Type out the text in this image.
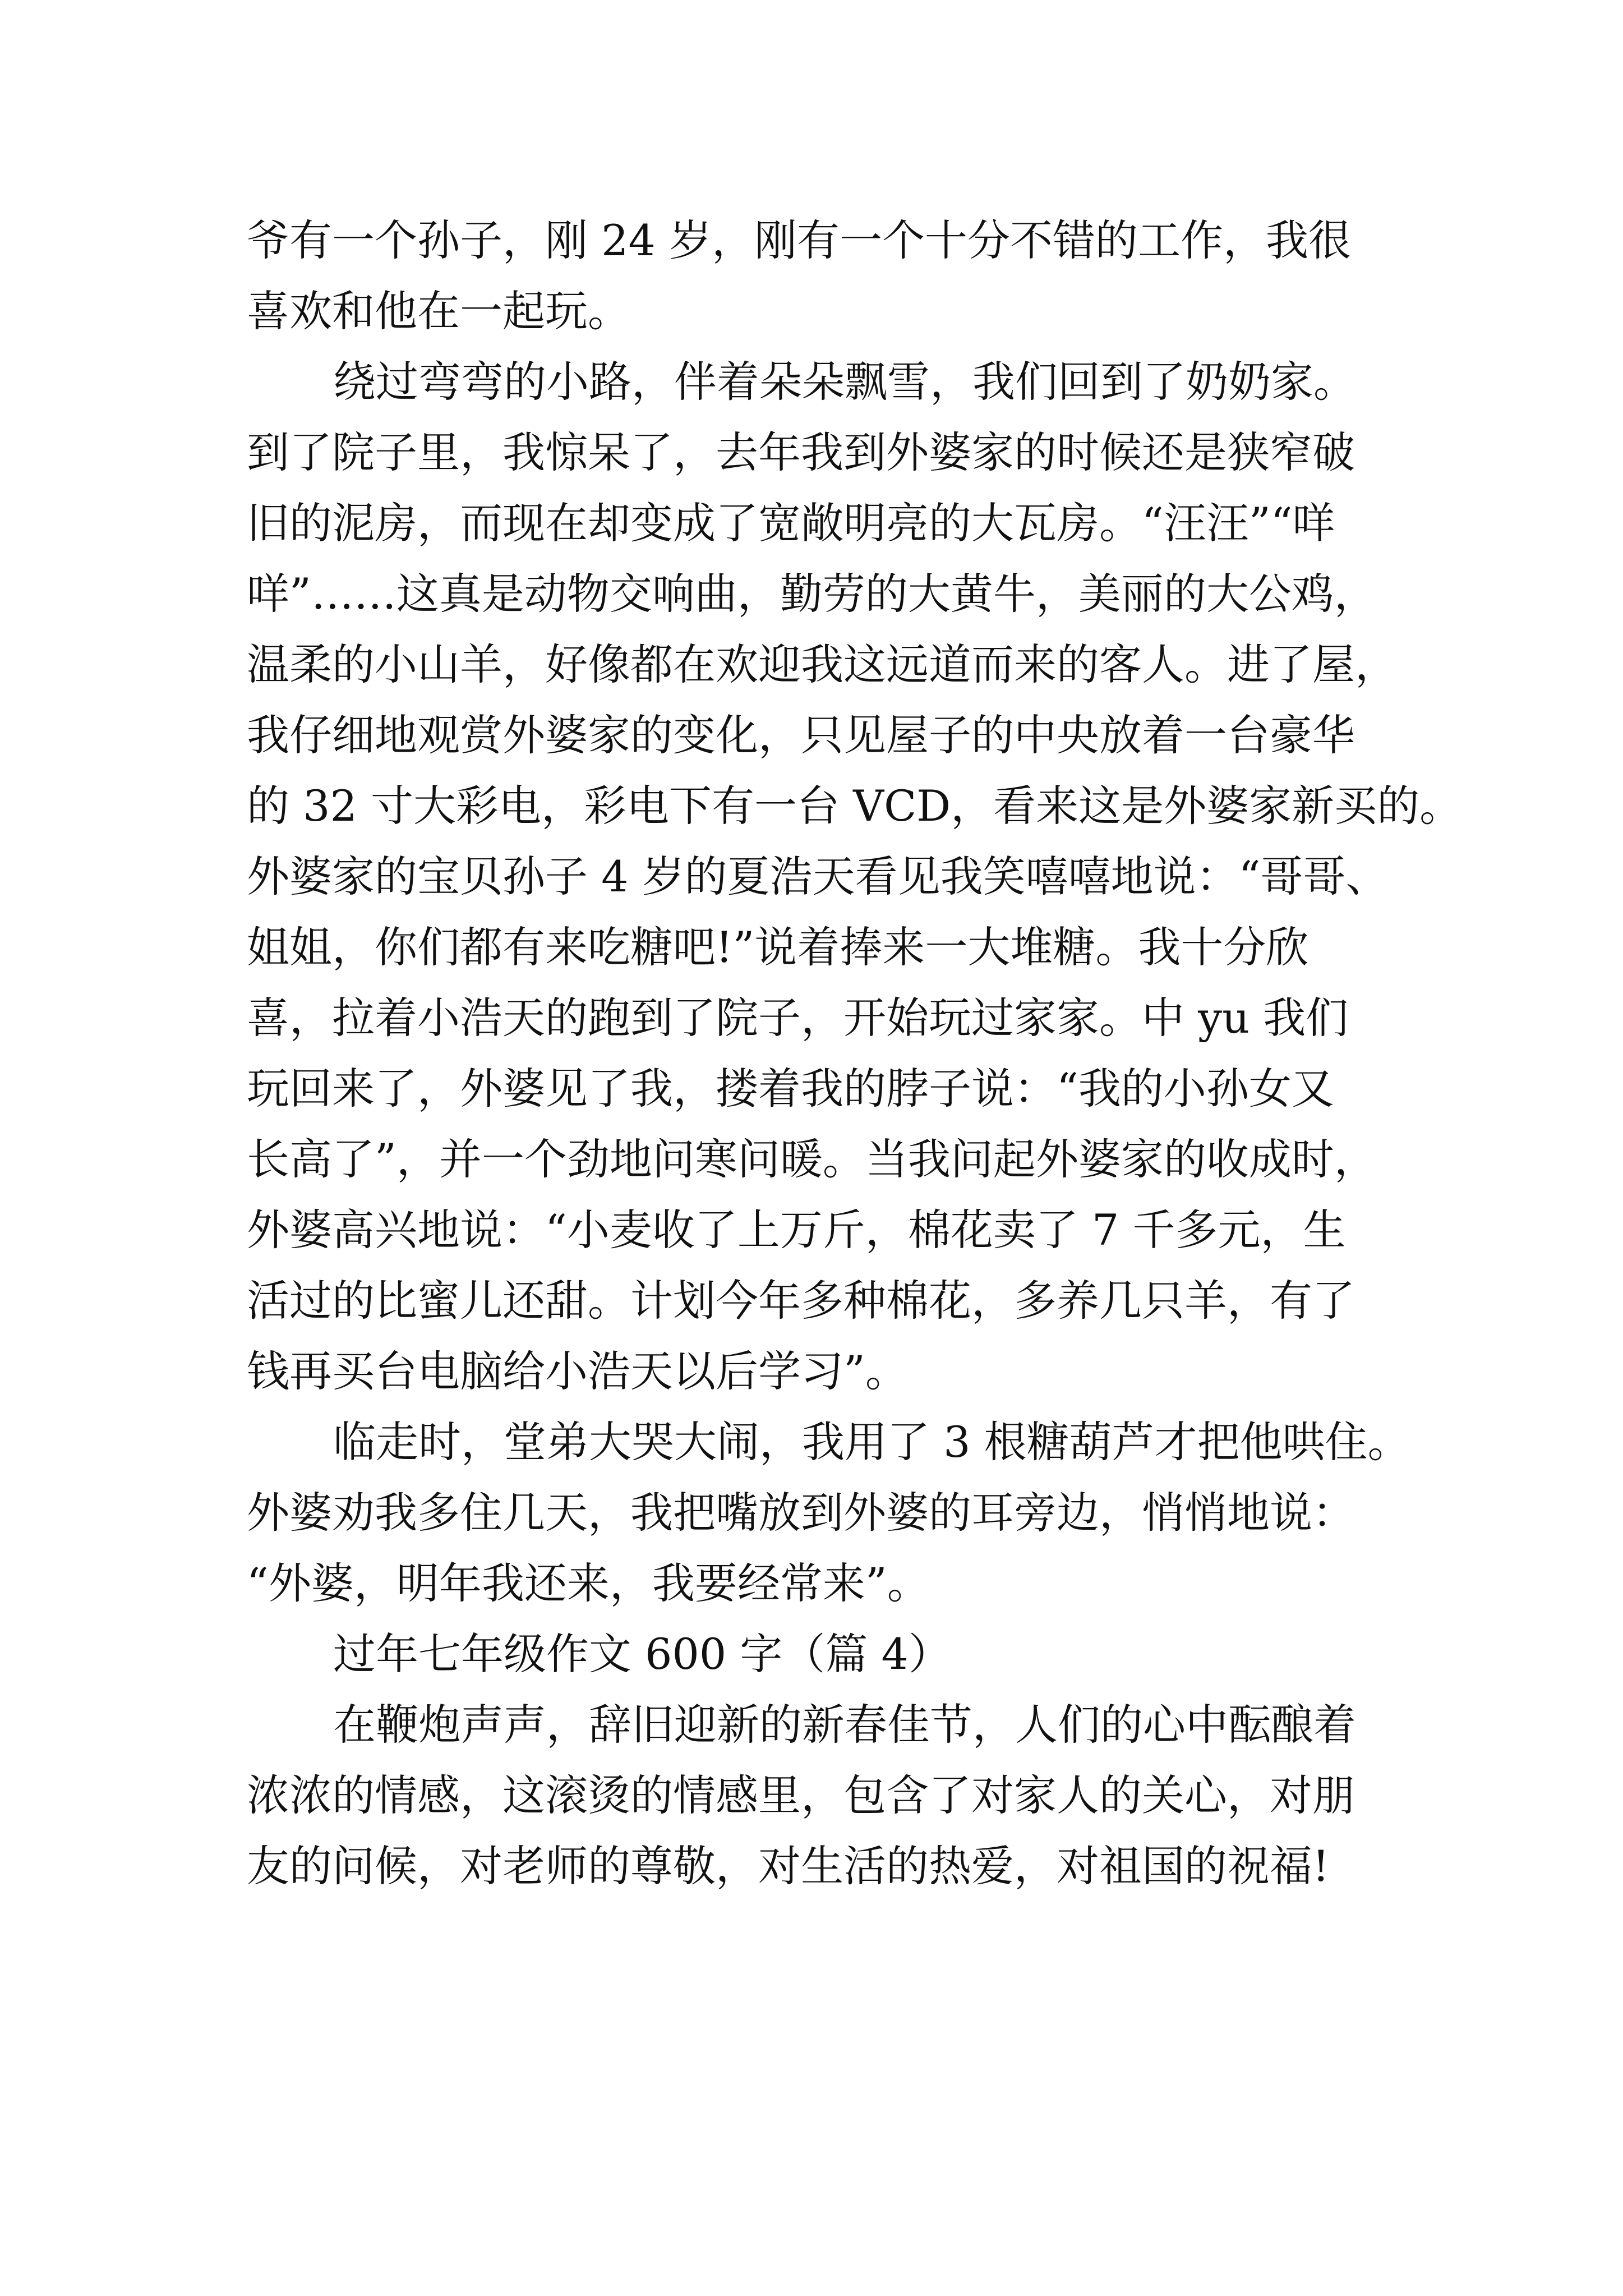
爷有一个孙子，刚 24 岁，刚有一个十分不错的工作，我很
喜欢和他在一起玩。
绕过弯弯的小路，伴着朵朵飘雪，我们回到了奶奶家。
到了院子里，我惊呆了，去年我到外婆家的时候还是狭窄破
旧的泥房，而现在却变成了宽敞明亮的大瓦房。“汪汪”“咩
咩”……这真是动物交响曲，勤劳的大黄牛，美丽的大公鸡，
温柔的小山羊，好像都在欢迎我这远道而来的客人。进了屋，
我仔细地观赏外婆家的变化，只见屋子的中央放着一台豪华
的 32 寸大彩电，彩电下有一台 VCD，看来这是外婆家新买的。
外婆家的宝贝孙子 4 岁的夏浩天看见我笑嘻嘻地说：“哥哥、
姐姐，你们都有来吃糖吧!”说着捧来一大堆糖。我十分欣
喜，拉着小浩天的跑到了院子，开始玩过家家。中 yu 我们
玩回来了，外婆见了我，搂着我的脖子说：“我的小孙女又
长高了”，并一个劲地问寒问暖。当我问起外婆家的收成时，
外婆高兴地说：“小麦收了上万斤，棉花卖了 7 千多元，生
活过的比蜜儿还甜。计划今年多种棉花，多养几只羊，有了
钱再买台电脑给小浩天以后学习”。
临走时，堂弟大哭大闹，我用了 3 根糖葫芦才把他哄住。
外婆劝我多住几天，我把嘴放到外婆的耳旁边，悄悄地说：
“外婆，明年我还来，我要经常来”。
过年七年级作文 600 字（篇 4）
在鞭炮声声，辞旧迎新的新春佳节，人们的心中酝酿着
浓浓的情感，这滚烫的情感里，包含了对家人的关心，对朋
友的问候，对老师的尊敬，对生活的热爱，对祖国的祝福!
